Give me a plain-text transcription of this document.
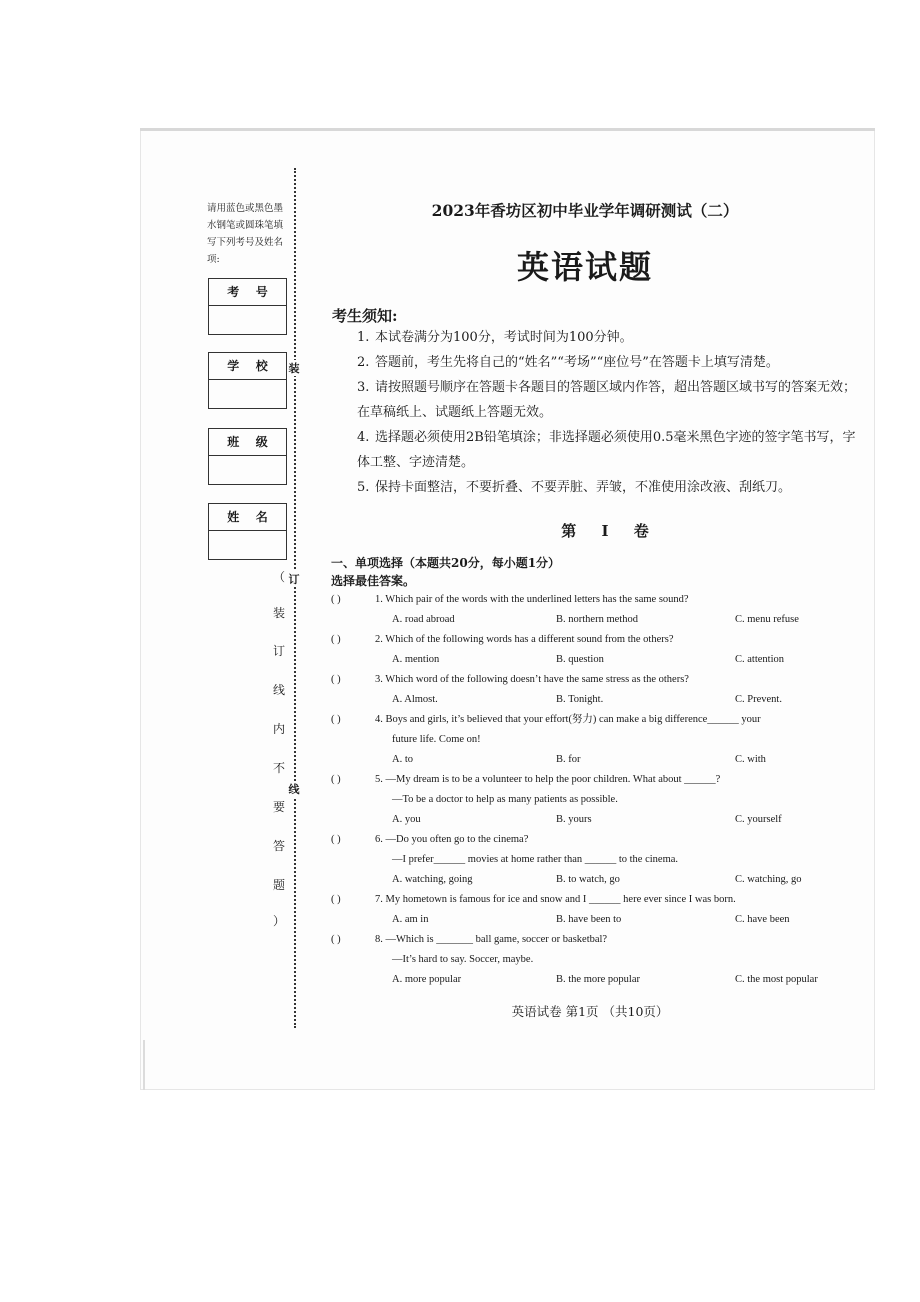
装
订
线
（
装
订
线
内
不
要
答
题
）
请用蓝色或黑色墨水钢笔或圆珠笔填写下列考号及姓名项:
考 号
学 校
班 级
姓 名
2023年香坊区初中毕业学年调研测试（二）
英语试题
考生须知:
1. 本试卷满分为100分，考试时间为100分钟。
2. 答题前，考生先将自己的“姓名”“考场”“座位号”在答题卡上填写清楚。
3. 请按照题号顺序在答题卡各题目的答题区域内作答，超出答题区域书写的答案无效；在草稿纸上、试题纸上答题无效。
4. 选择题必须使用2B铅笔填涂；非选择题必须使用0.5毫米黑色字迹的签字笔书写，字体工整、字迹清楚。
5. 保持卡面整洁，不要折叠、不要弄脏、弄皱，不准使用涂改液、刮纸刀。
第 Ⅰ 卷
一、单项选择（本题共20分，每小题1分）
选择最佳答案。
( )	1. Which pair of the words with the underlined letters has the same sound?
A. road abroad	B. northern method	C. menu refuse
( )	2. Which of the following words has a different sound from the others?
A. mention	B. question	C. attention
( )	3. Which word of the following doesn’t have the same stress as the others?
A. Almost.	B. Tonight.	C. Prevent.
( )	4. Boys and girls, it’s believed that your effort(努力) can make a big difference______ your
future life. Come on!
A. to	B. for	C. with
( )	5. —My dream is to be a volunteer to help the poor children. What about ______?
—To be a doctor to help as many patients as possible.
A. you	B. yours	C. yourself
( )	6. —Do you often go to the cinema?
—I prefer______ movies at home rather than ______ to the cinema.
A. watching, going	B. to watch, go	C. watching, go
( )	7. My hometown is famous for ice and snow and I ______ here ever since I was born.
A. am in	B. have been to	C. have been
( )	8. —Which is _______ ball game, soccer or basketbal?
—It’s hard to say. Soccer, maybe.
A. more popular	B. the more popular	C. the most popular
英语试卷 第1页 （共10页）
